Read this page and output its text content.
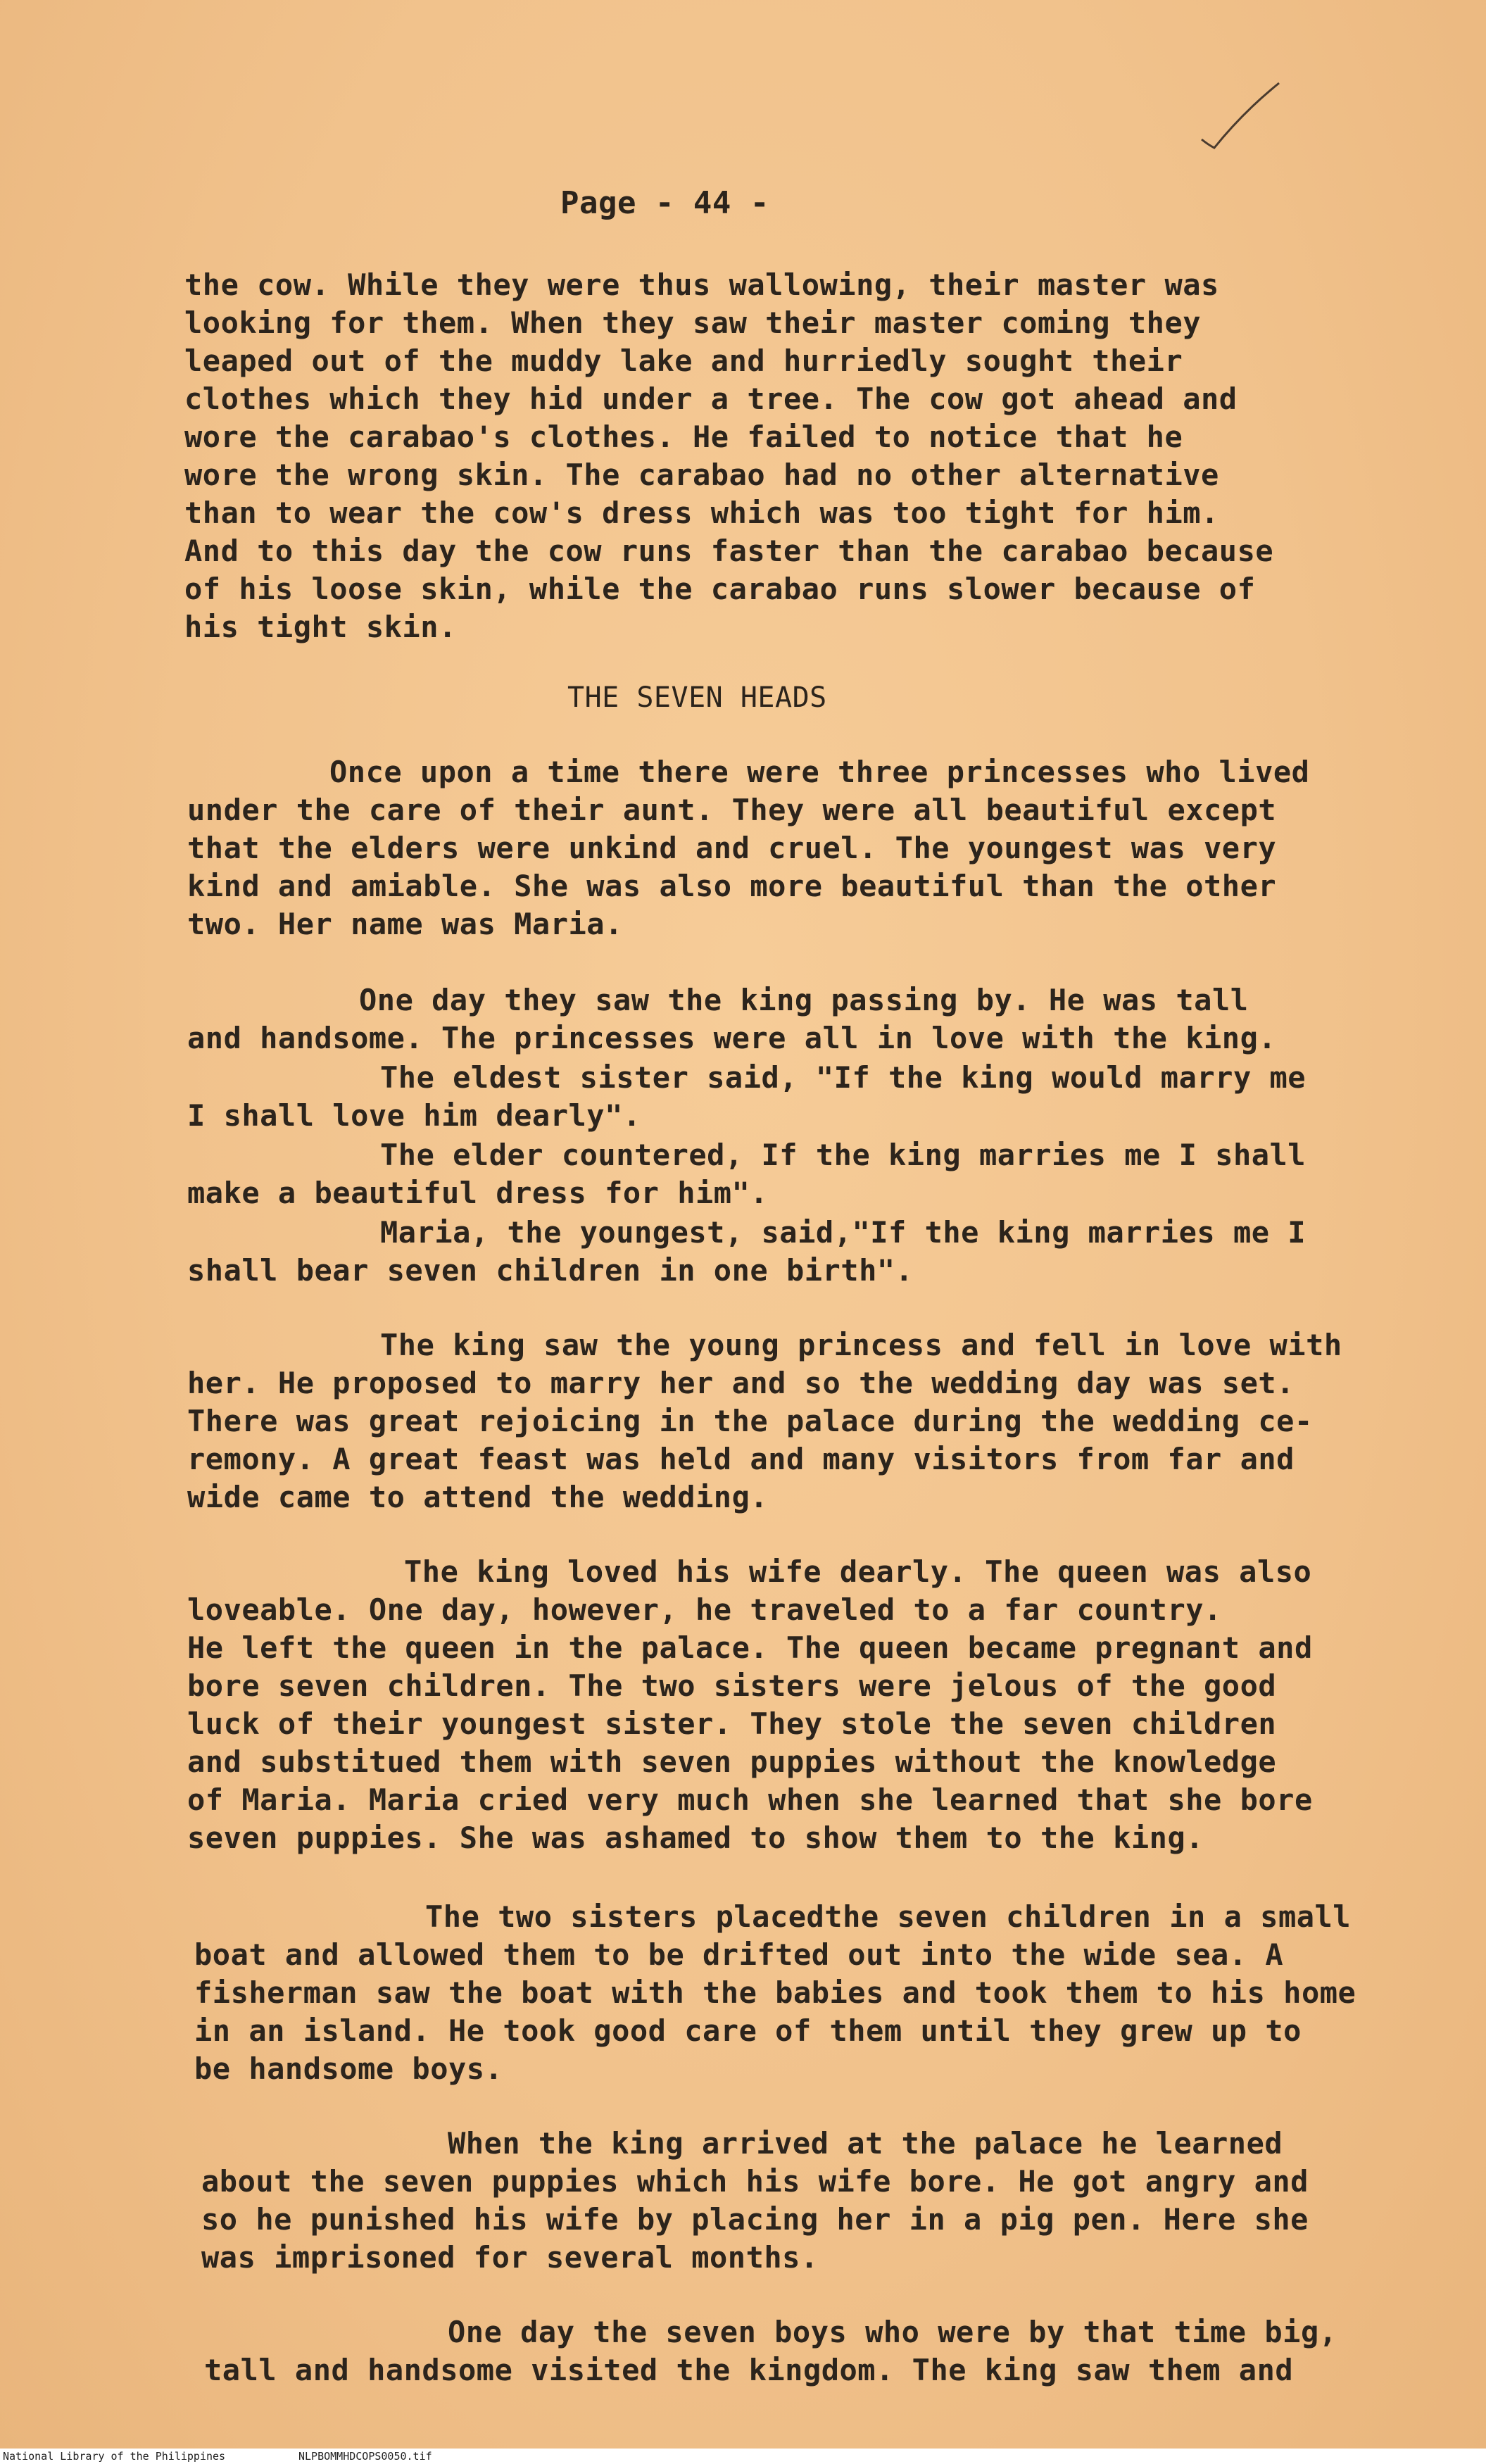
Page - 44 -
the cow. While they were thus wallowing, their master was
looking for them. When they saw their master coming they
leaped out of the muddy lake and hurriedly sought their
clothes which they hid under a tree. The cow got ahead and
wore the carabao's clothes. He failed to notice that he
wore the wrong skin. The carabao had no other alternative
than to wear the cow's dress which was too tight for him.
And to this day the cow runs faster than the carabao because
of his loose skin, while the carabao runs slower because of
his tight skin.
THE SEVEN HEADS
Once upon a time there were three princesses who lived
under the care of their aunt. They were all beautiful except
that the elders were unkind and cruel. The youngest was very
kind and amiable. She was also more beautiful than the other
two. Her name was Maria.
One day they saw the king passing by. He was tall
and handsome. The princesses were all in love with the king.
The eldest sister said, "If the king would marry me
I shall love him dearly".
The elder countered, If the king marries me I shall
make a beautiful dress for him".
Maria, the youngest, said,"If the king marries me I
shall bear seven children in one birth".
The king saw the young princess and fell in love with
her. He proposed to marry her and so the wedding day was set.
There was great rejoicing in the palace during the wedding ce-
remony. A great feast was held and many visitors from far and
wide came to attend the wedding.
The king loved his wife dearly. The queen was also
loveable. One day, however, he traveled to a far country.
He left the queen in the palace. The queen became pregnant and
bore seven children. The two sisters were jelous of the good
luck of their youngest sister. They stole the seven children
and substitued them with seven puppies without the knowledge
of Maria. Maria cried very much when she learned that she bore
seven puppies. She was ashamed to show them to the king.
The two sisters placedthe seven children in a small
boat and allowed them to be drifted out into the wide sea. A
fisherman saw the boat with the babies and took them to his home
in an island. He took good care of them until they grew up to
be handsome boys.
When the king arrived at the palace he learned
about the seven puppies which his wife bore. He got angry and
so he punished his wife by placing her in a pig pen. Here she
was imprisoned for several months.
One day the seven boys who were by that time big,
tall and handsome visited the kingdom. The king saw them and
National Library of the Philippines	NLPBOMMHDCOPS0050.tif
